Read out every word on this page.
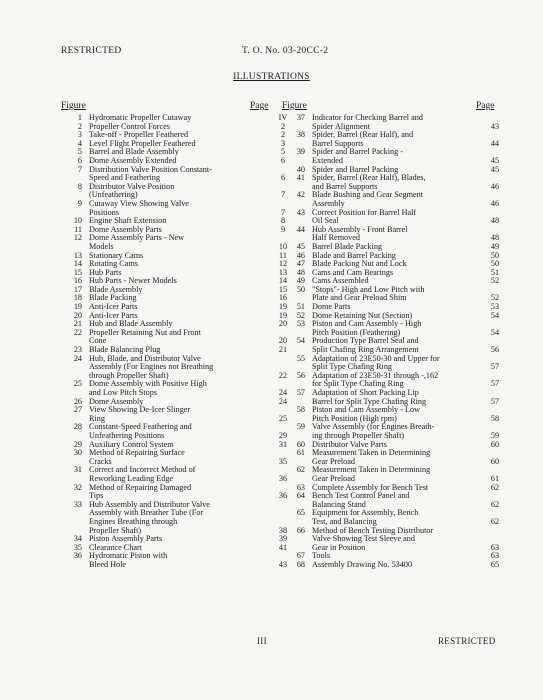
RESTRICTED	T. O. No. 03-20CC-2
ILLUSTRATIONS
Figure	Page Figure	Page
1 Hydromatic Propeller Cutaway	IV
2 Propeller Control Forces	2
3 Take-off - Propeller Feathered	2
4 Level Flight Propeller Feathered	3
5 Barrel and Blade Assembly	5
6 Dome Assembly Extended	6
7 Distribution Valve Position Constant-
Speed and Feathering	6
8 Distributor Valve Position
(Unfeathering)	7
9 Cutaway View Showing Valve
Positions	7
10 Engine Shaft Extension	8
11 Dome Assembly Parts	9
12 Dome Assembly Parts - New
Models	10
13 Stationary Cams	11
14 Rotating Cams	12
15 Hub Parts	13
16 Hub Parts - Newer Models	14
17 Blade Assembly	15
18 Blade Packing	16
19 Anti-Icer Parts	19
20 Anti-Icer Parts	19
21 Hub and Blade Assembly	20
22 Propeller Retaining Nut and Front
Cone	20
23 Blade Balancing Plug	21
24 Hub, Blade, and Distributor Valve
Assembly (For Engines not Breathing
through Propeller Shaft)	22
25 Dome Assembly with Positive High
and Low Pitch Stops	24
26 Dome Assembly	24
27 View Showing De-Icer Slinger
Ring	25
28 Constant-Speed Feathering and
Unfeathering Positions	29
29 Auxiliary Control System	31
30 Method of Repairing Surface
Cracks	35
31 Correct and Incorrect Method of
Reworking Leading Edge	36
32 Method of Repairing Damaged
Tips	36
33 Hub Assembly and Distributor Valve
Assembly with Breather Tube (For
Engines Breathing through
Propeller Shaft)	38
34 Piston Assembly Parts	39
35 Clearance Chart	41
36 Hydromatic Piston with
Bleed Hole	43
37 Indicator for Checking Barrel and
Spider Alignment	43
38 Spider, Barrel (Rear Half), and
Barrel Supports	44
39 Spider and Barrel Packing -
Extended	45
40 Spider and Barrel Packing	45
41 Spider, Barrel (Rear Half), Blades,
and Barrel Supports	46
42 Blade Bushing and Gear Segment
Assembly	46
43 Correct Position for Barrel Half
Oil Seal	48
44 Hub Assembly - Front Barrel
Half Removed	48
45 Barrel Blade Packing	49
46 Blade and Barrel Packing	50
47 Blade Packing Nut and Lock	50
48 Cams and Cam Bearings	51
49 Cams Assembled	52
50 "Stops"- High and Low Pitch with
Plate and Gear Preload Shim	52
51 Dome Parts	53
52 Dome Retaining Nut (Section)	54
53 Piston and Cam Assembly - High
Pitch Position (Feathering)	54
54 Production Type Barrel Seal and
Split Chafing Ring Arrangement	56
55 Adaptation of 23E50-30 and Upper for
Split Type Chafing Ring	57
56 Adaptation of 23E50-31 through -,162
for Split Type Chafing Ring	57
57 Adaptation of Short Packing Lip
Barrel for Split Type Chafing Ring	57
58 Piston and Cam Assembly - Low
Pitch Position (High rpm)	58
59 Valve Assembly (for Engines Breath-
ing through Propeller Shaft)	59
60 Distributor Valve Parts	60
61 Measurement Taken in Determining
Gear Preload	60
62 Measurement Taken in Determining
Gear Preload	61
63 Complete Assembly for Bench Test	62
64 Bench Test Control Panel and
Balancing Stand	62
65 Equipment for Assembly, Bench
Test, and Balancing	62
66 Method of Bench Testing Distributor
Valve Showing Test Sleeve and
Gear in Position	63
67 Tools	63
68 Assembly Drawing No. 53400	65
III	RESTRICTED
